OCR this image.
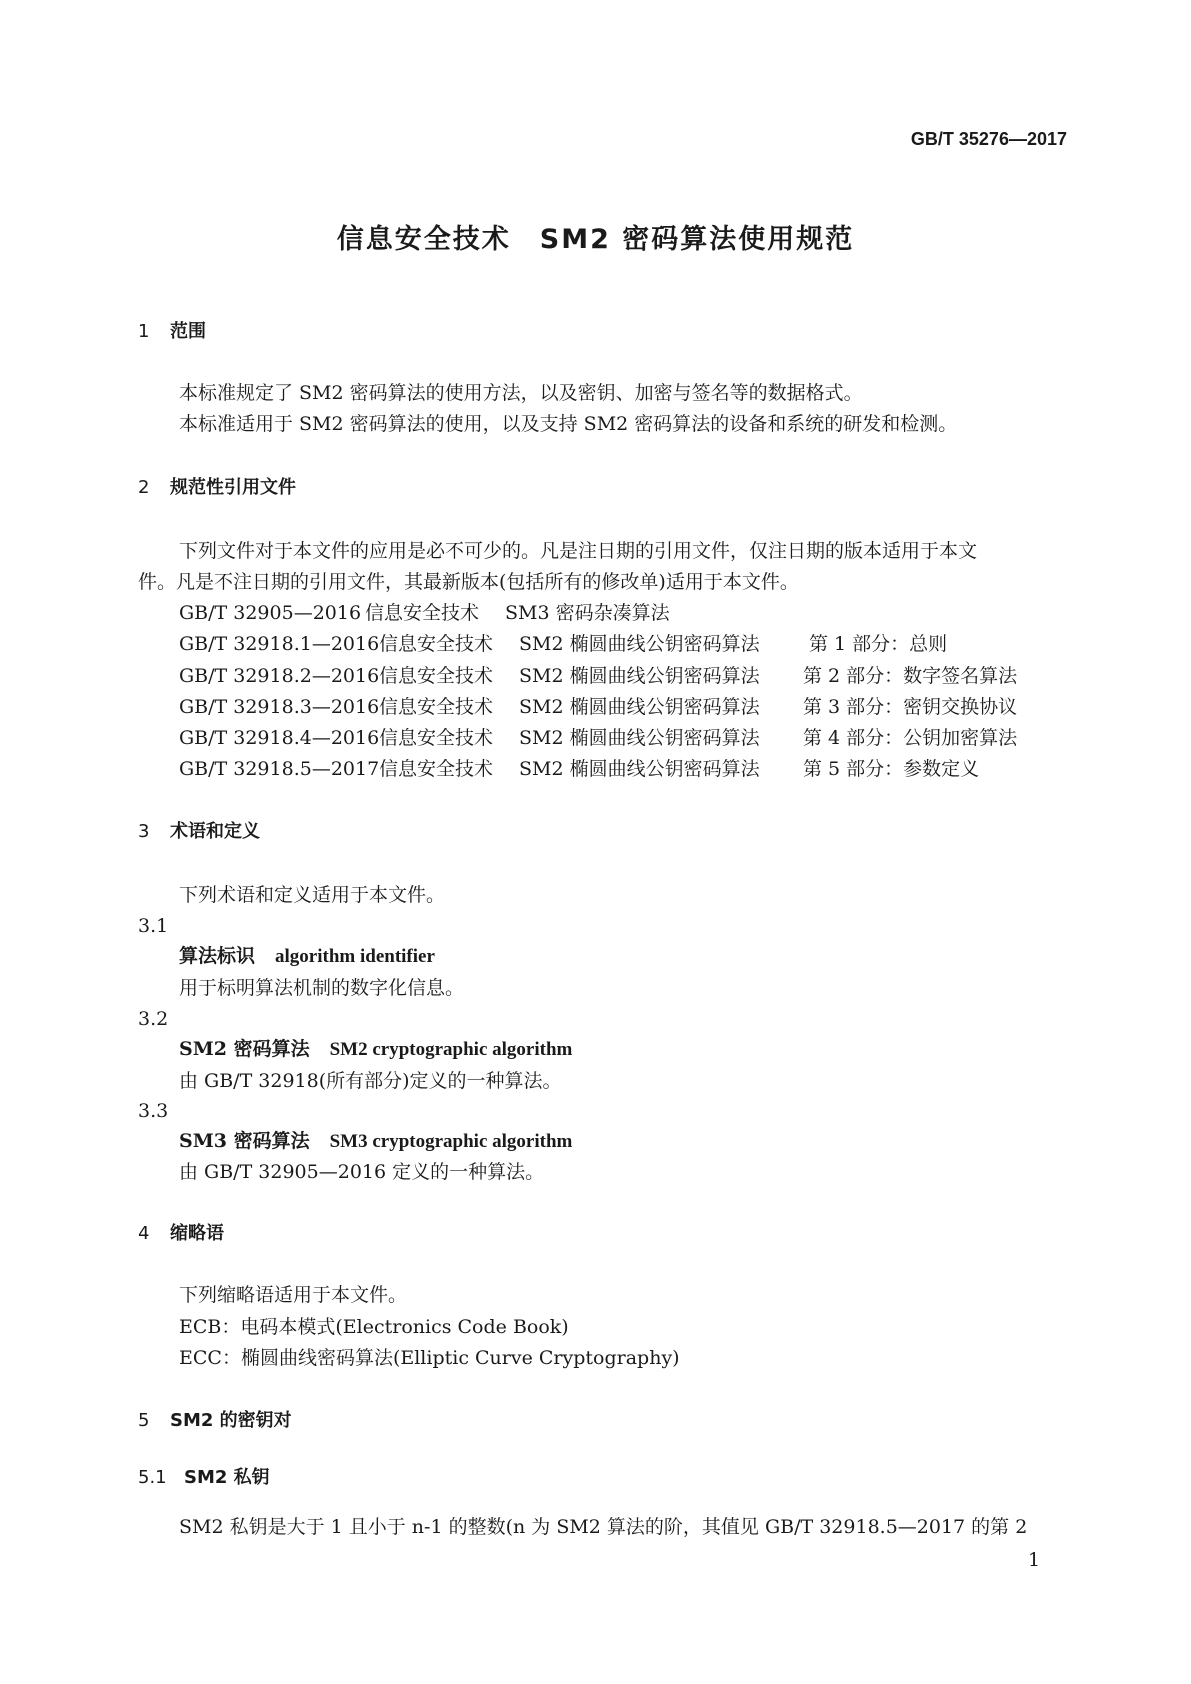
GB/T 35276—2017
信息安全技术　SM2 密码算法使用规范
1 范围
本标准规定了 SM2 密码算法的使用方法，以及密钥、加密与签名等的数据格式。
本标准适用于 SM2 密码算法的使用，以及支持 SM2 密码算法的设备和系统的研发和检测。
2 规范性引用文件
下列文件对于本文件的应用是必不可少的。凡是注日期的引用文件，仅注日期的版本适用于本文
件。凡是不注日期的引用文件，其最新版本(包括所有的修改单)适用于本文件。
GB/T 32905—2016 信息安全技术 SM3 密码杂凑算法
GB/T 32918.1—2016信息安全技术 SM2 椭圆曲线公钥密码算法	第 1 部分：总则
GB/T 32918.2—2016信息安全技术 SM2 椭圆曲线公钥密码算法 第 2 部分：数字签名算法
GB/T 32918.3—2016信息安全技术 SM2 椭圆曲线公钥密码算法 第 3 部分：密钥交换协议
GB/T 32918.4—2016信息安全技术 SM2 椭圆曲线公钥密码算法 第 4 部分：公钥加密算法
GB/T 32918.5—2017信息安全技术 SM2 椭圆曲线公钥密码算法 第 5 部分：参数定义
3 术语和定义
下列术语和定义适用于本文件。
3.1
算法标识 algorithm identifier
用于标明算法机制的数字化信息。
3.2
SM2 密码算法 SM2 cryptographic algorithm
由 GB/T 32918(所有部分)定义的一种算法。
3.3
SM3 密码算法 SM3 cryptographic algorithm
由 GB/T 32905—2016 定义的一种算法。
4 缩略语
下列缩略语适用于本文件。
ECB：电码本模式(Electronics Code Book)
ECC：椭圆曲线密码算法(Elliptic Curve Cryptography)
5 SM2 的密钥对
5.1 SM2 私钥
SM2 私钥是大于 1 且小于 n-1 的整数(n 为 SM2 算法的阶，其值见 GB/T 32918.5—2017 的第 2
1
